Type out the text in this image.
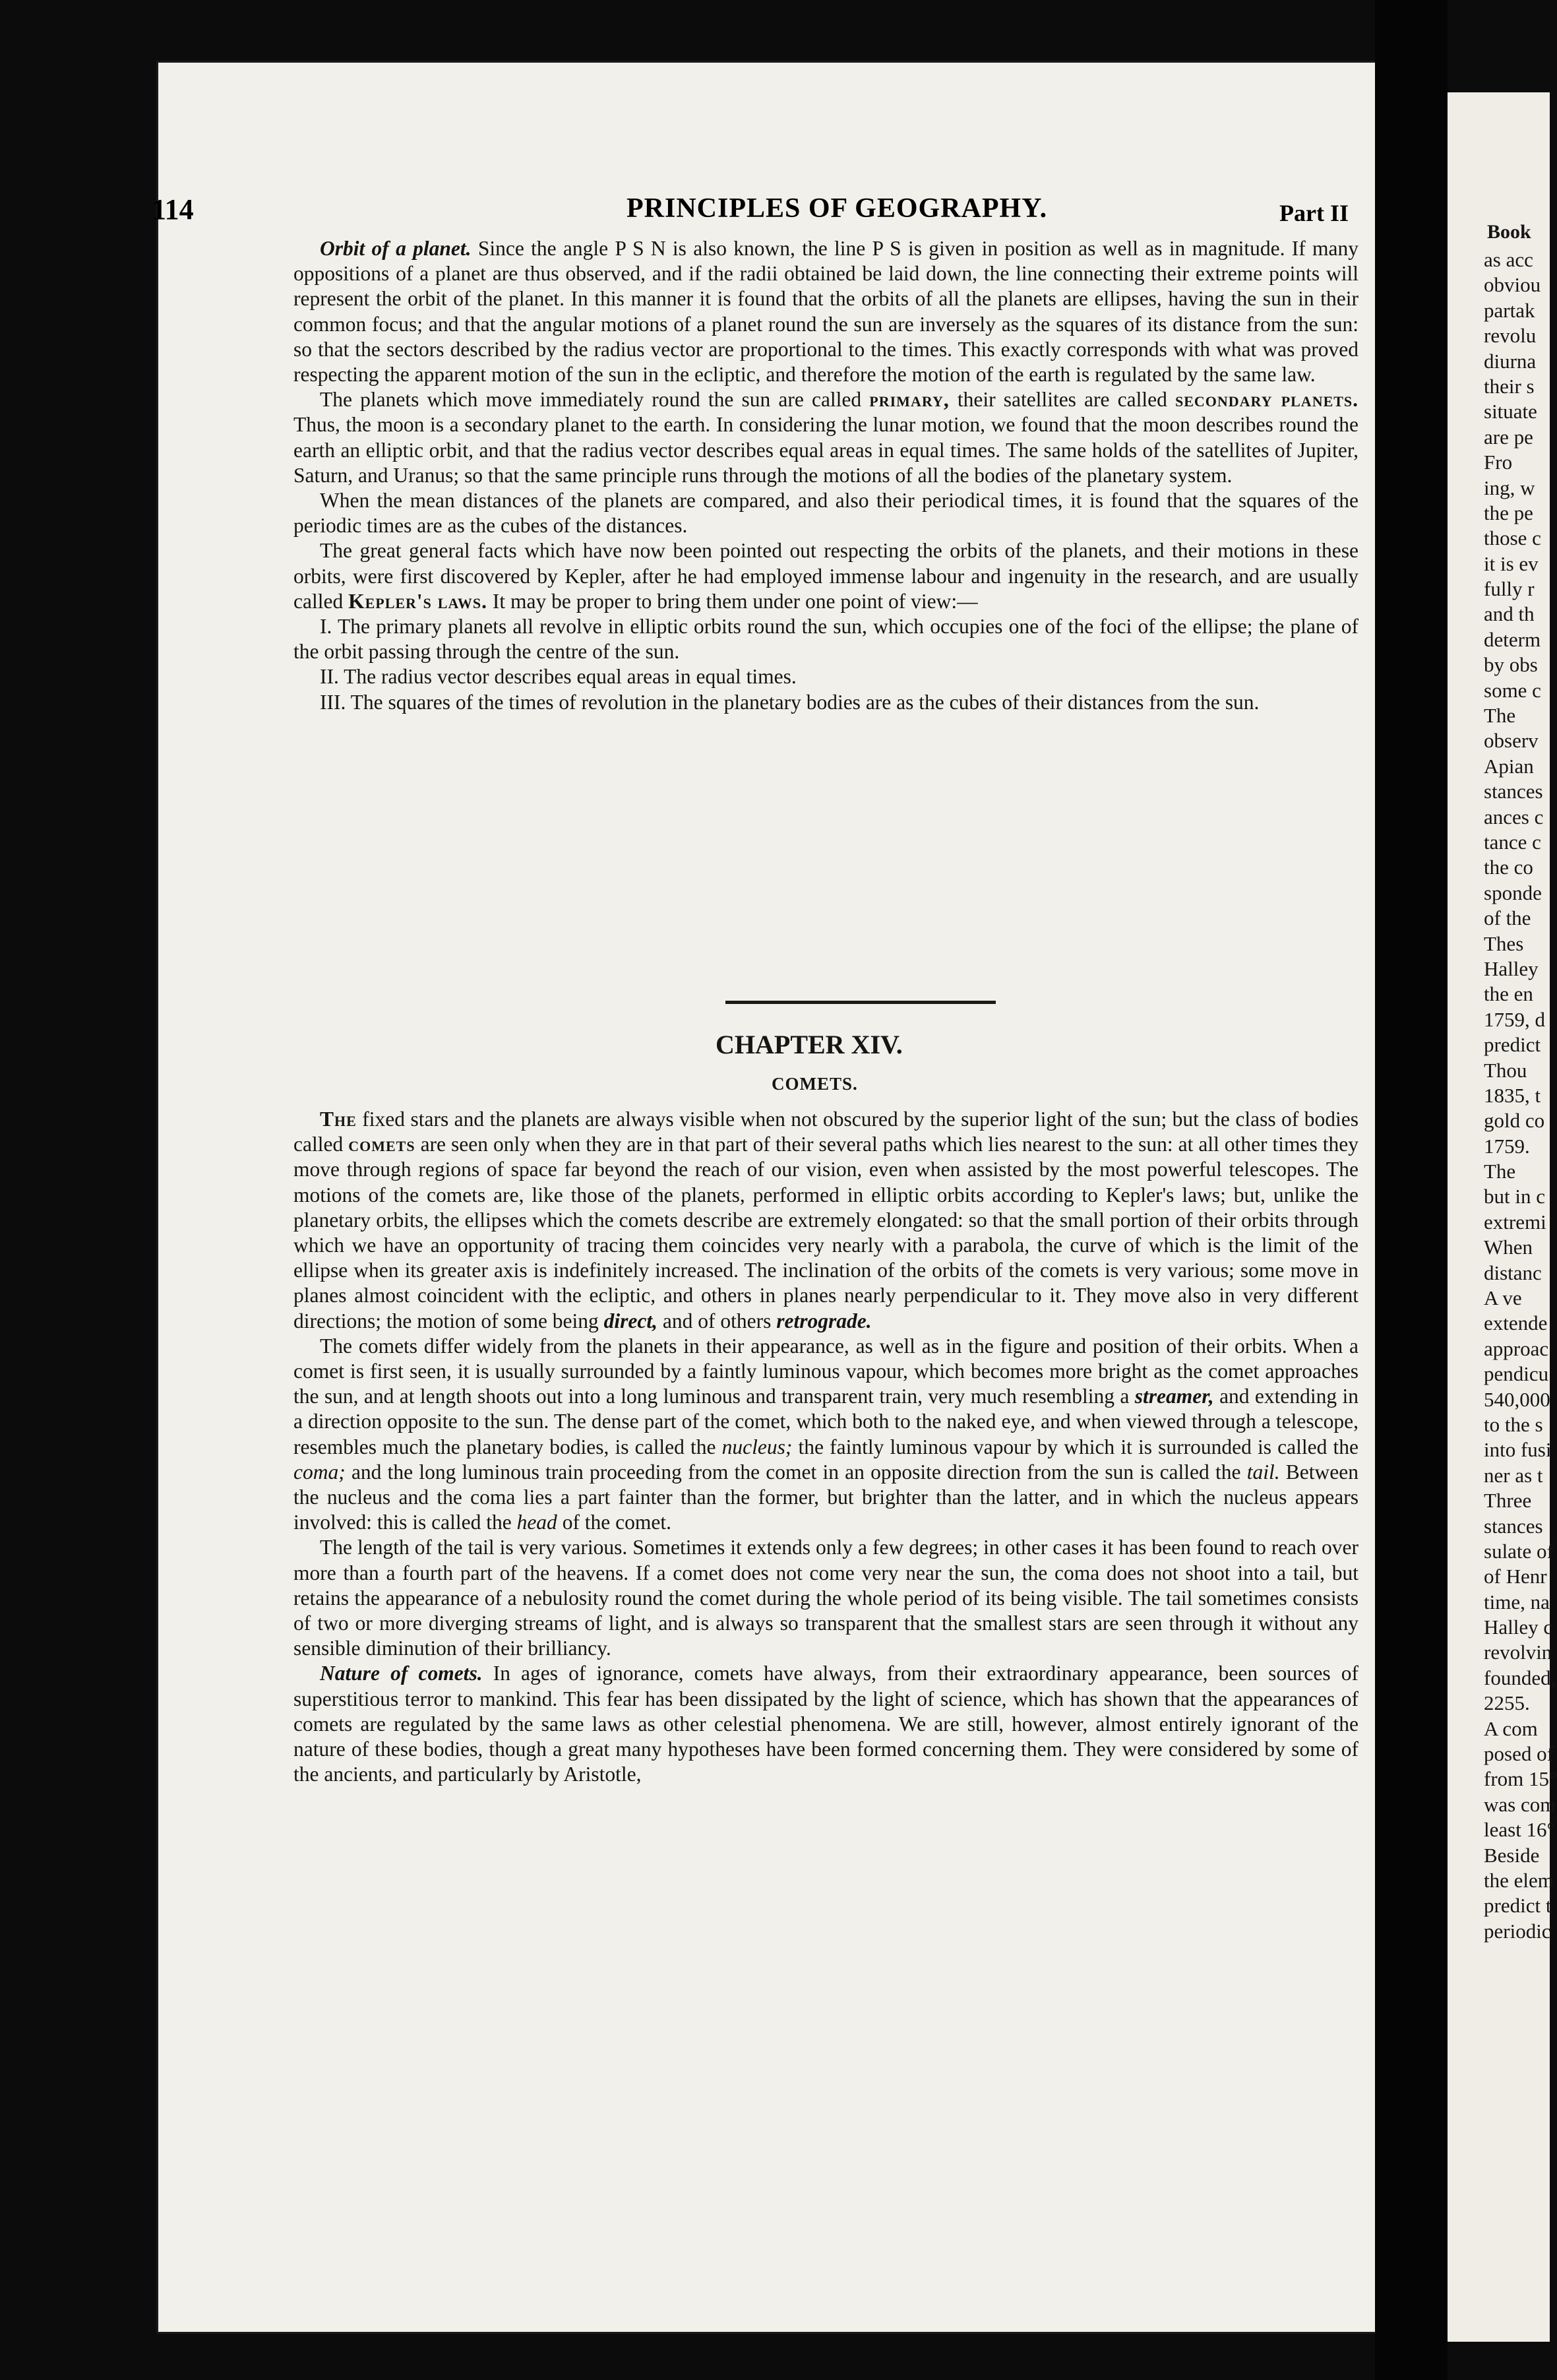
114	PRINCIPLES OF GEOGRAPHY.	Part II

Orbit of a planet. Since the angle P S N is also known, the line P S is given in position as well as in magnitude. If many oppositions of a planet are thus observed, and if the radii obtained be laid down, the line connecting their extreme points will represent the orbit of the planet. In this manner it is found that the orbits of all the planets are ellipses, having the sun in their common focus; and that the angular motions of a planet round the sun are inversely as the squares of its distance from the sun: so that the sectors described by the radius vector are proportional to the times. This exactly corresponds with what was proved respecting the apparent motion of the sun in the ecliptic, and therefore the motion of the earth is regulated by the same law.

The planets which move immediately round the sun are called primary, their satellites are called secondary planets. Thus, the moon is a secondary planet to the earth. In considering the lunar motion, we found that the moon describes round the earth an elliptic orbit, and that the radius vector describes equal areas in equal times. The same holds of the satellites of Jupiter, Saturn, and Uranus; so that the same principle runs through the motions of all the bodies of the planetary system.

When the mean distances of the planets are compared, and also their periodical times, it is found that the squares of the periodic times are as the cubes of the distances.

The great general facts which have now been pointed out respecting the orbits of the planets, and their motions in these orbits, were first discovered by Kepler, after he had employed immense labour and ingenuity in the research, and are usually called Kepler's laws. It may be proper to bring them under one point of view:—

I. The primary planets all revolve in elliptic orbits round the sun, which occupies one of the foci of the ellipse; the plane of the orbit passing through the centre of the sun.

II. The radius vector describes equal areas in equal times.

III. The squares of the times of revolution in the planetary bodies are as the cubes of their distances from the sun.

CHAPTER XIV.
COMETS.

The fixed stars and the planets are always visible when not obscured by the superior light of the sun; but the class of bodies called comets are seen only when they are in that part of their several paths which lies nearest to the sun: at all other times they move through regions of space far beyond the reach of our vision, even when assisted by the most powerful telescopes. The motions of the comets are, like those of the planets, performed in elliptic orbits according to Kepler's laws; but, unlike the planetary orbits, the ellipses which the comets describe are extremely elongated: so that the small portion of their orbits through which we have an opportunity of tracing them coincides very nearly with a parabola, the curve of which is the limit of the ellipse when its greater axis is indefinitely increased. The inclination of the orbits of the comets is very various; some move in planes almost coincident with the ecliptic, and others in planes nearly perpendicular to it. They move also in very different directions; the motion of some being direct, and of others retrograde.

The comets differ widely from the planets in their appearance, as well as in the figure and position of their orbits. When a comet is first seen, it is usually surrounded by a faintly luminous vapour, which becomes more bright as the comet approaches the sun, and at length shoots out into a long luminous and transparent train, very much resembling a streamer, and extending in a direction opposite to the sun. The dense part of the comet, which both to the naked eye, and when viewed through a telescope, resembles much the planetary bodies, is called the nucleus; the faintly luminous vapour by which it is surrounded is called the coma; and the long luminous train proceeding from the comet in an opposite direction from the sun is called the tail. Between the nucleus and the coma lies a part fainter than the former, but brighter than the latter, and in which the nucleus appears involved: this is called the head of the comet.

The length of the tail is very various. Sometimes it extends only a few degrees; in other cases it has been found to reach over more than a fourth part of the heavens. If a comet does not come very near the sun, the coma does not shoot into a tail, but retains the appearance of a nebulosity round the comet during the whole period of its being visible. The tail sometimes consists of two or more diverging streams of light, and is always so transparent that the smallest stars are seen through it without any sensible diminution of their brilliancy.

Nature of comets. In ages of ignorance, comets have always, from their extraordinary appearance, been sources of superstitious terror to mankind. This fear has been dissipated by the light of science, which has shown that the appearances of comets are regulated by the same laws as other celestial phenomena. We are still, however, almost entirely ignorant of the nature of these bodies, though a great many hypotheses have been formed concerning them. They were considered by some of the ancients, and particularly by Aristotle,

Book
as acc
obviou
partak
revolu
diurna
their s
situate
are pe
Fro
ing, w
the pe
those c
it is ev
fully r
and th
determ
by obs
some c
The
observ
Apian
stances
ances c
tance c
the co
sponde
of the
Thes
Halley
the en
1759, d
predict
Thou
1835, t
gold co
1759.
The
but in c
extremi
When
distanc
A ve
extende
approac
pendicu
540,000
to the s
into fusi
ner as t
Three
stances
sulate of
of Henr
time, na
Halley c
revolvin
founded,
2255.
A com
posed of
from 15°
was com
least 16°
Beside
the elem
predict t
periodic
